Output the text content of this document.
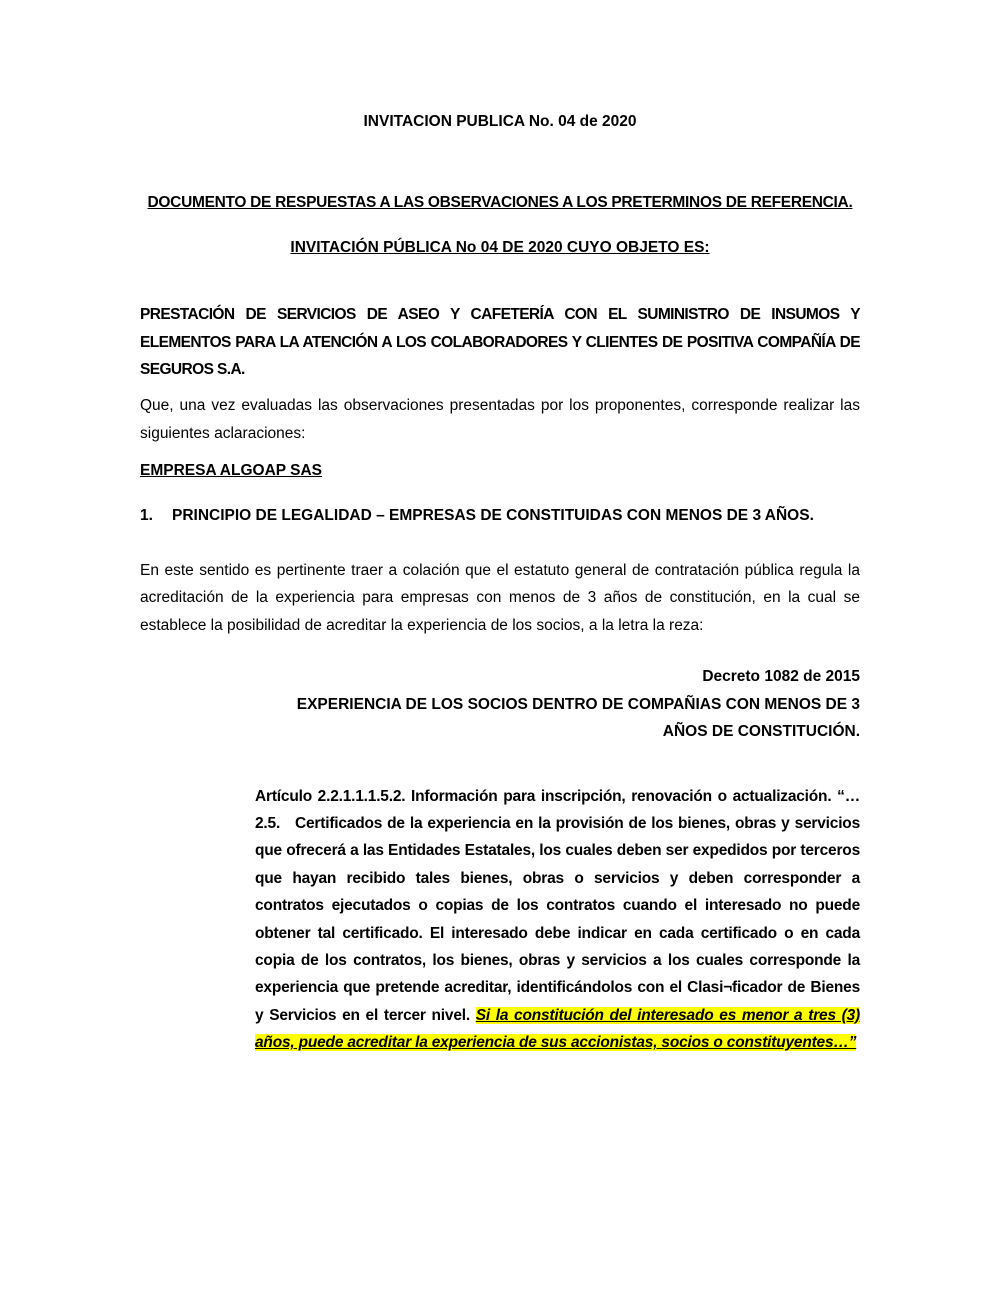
INVITACION PUBLICA No. 04 de 2020
DOCUMENTO DE RESPUESTAS A LAS OBSERVACIONES A LOS PRETERMINOS DE REFERENCIA.
INVITACIÓN PÚBLICA No 04 DE 2020 CUYO OBJETO ES:

PRESTACIÓN DE SERVICIOS DE ASEO Y CAFETERÍA CON EL SUMINISTRO DE INSUMOS Y ELEMENTOS PARA LA ATENCIÓN A LOS COLABORADORES Y CLIENTES DE POSITIVA COMPAÑÍA DE SEGUROS S.A.

Que, una vez evaluadas las observaciones presentadas por los proponentes, corresponde realizar las siguientes aclaraciones:

EMPRESA ALGOAP SAS
1.	PRINCIPIO DE LEGALIDAD – EMPRESAS DE CONSTITUIDAS CON MENOS DE 3 AÑOS.

En este sentido es pertinente traer a colación que el estatuto general de contratación pública regula la acreditación de la experiencia para empresas con menos de 3 años de constitución, en la cual se establece la posibilidad de acreditar la experiencia de los socios, a la letra la reza:

Decreto 1082 de 2015
EXPERIENCIA DE LOS SOCIOS DENTRO DE COMPAÑIAS CON MENOS DE 3
AÑOS DE CONSTITUCIÓN.

Artículo 2.2.1.1.1.5.2. Información para inscripción, renovación o actualización. “…2.5.   Certificados de la experiencia en la provisión de los bienes, obras y servicios que ofrecerá a las Entidades Estatales, los cuales deben ser expedidos por terceros que hayan recibido tales bienes, obras o servicios y deben corresponder a contratos ejecutados o copias de los contratos cuando el interesado no puede obtener tal certificado. El interesado debe indicar en cada certificado o en cada copia de los contratos, los bienes, obras y servicios a los cuales corresponde la experiencia que pretende acreditar, identificándolos con el Clasi¬ficador de Bienes y Servicios en el tercer nivel. Si la constitución del interesado es menor a tres (3) años, puede acreditar la experiencia de sus accionistas, socios o constituyentes…”
